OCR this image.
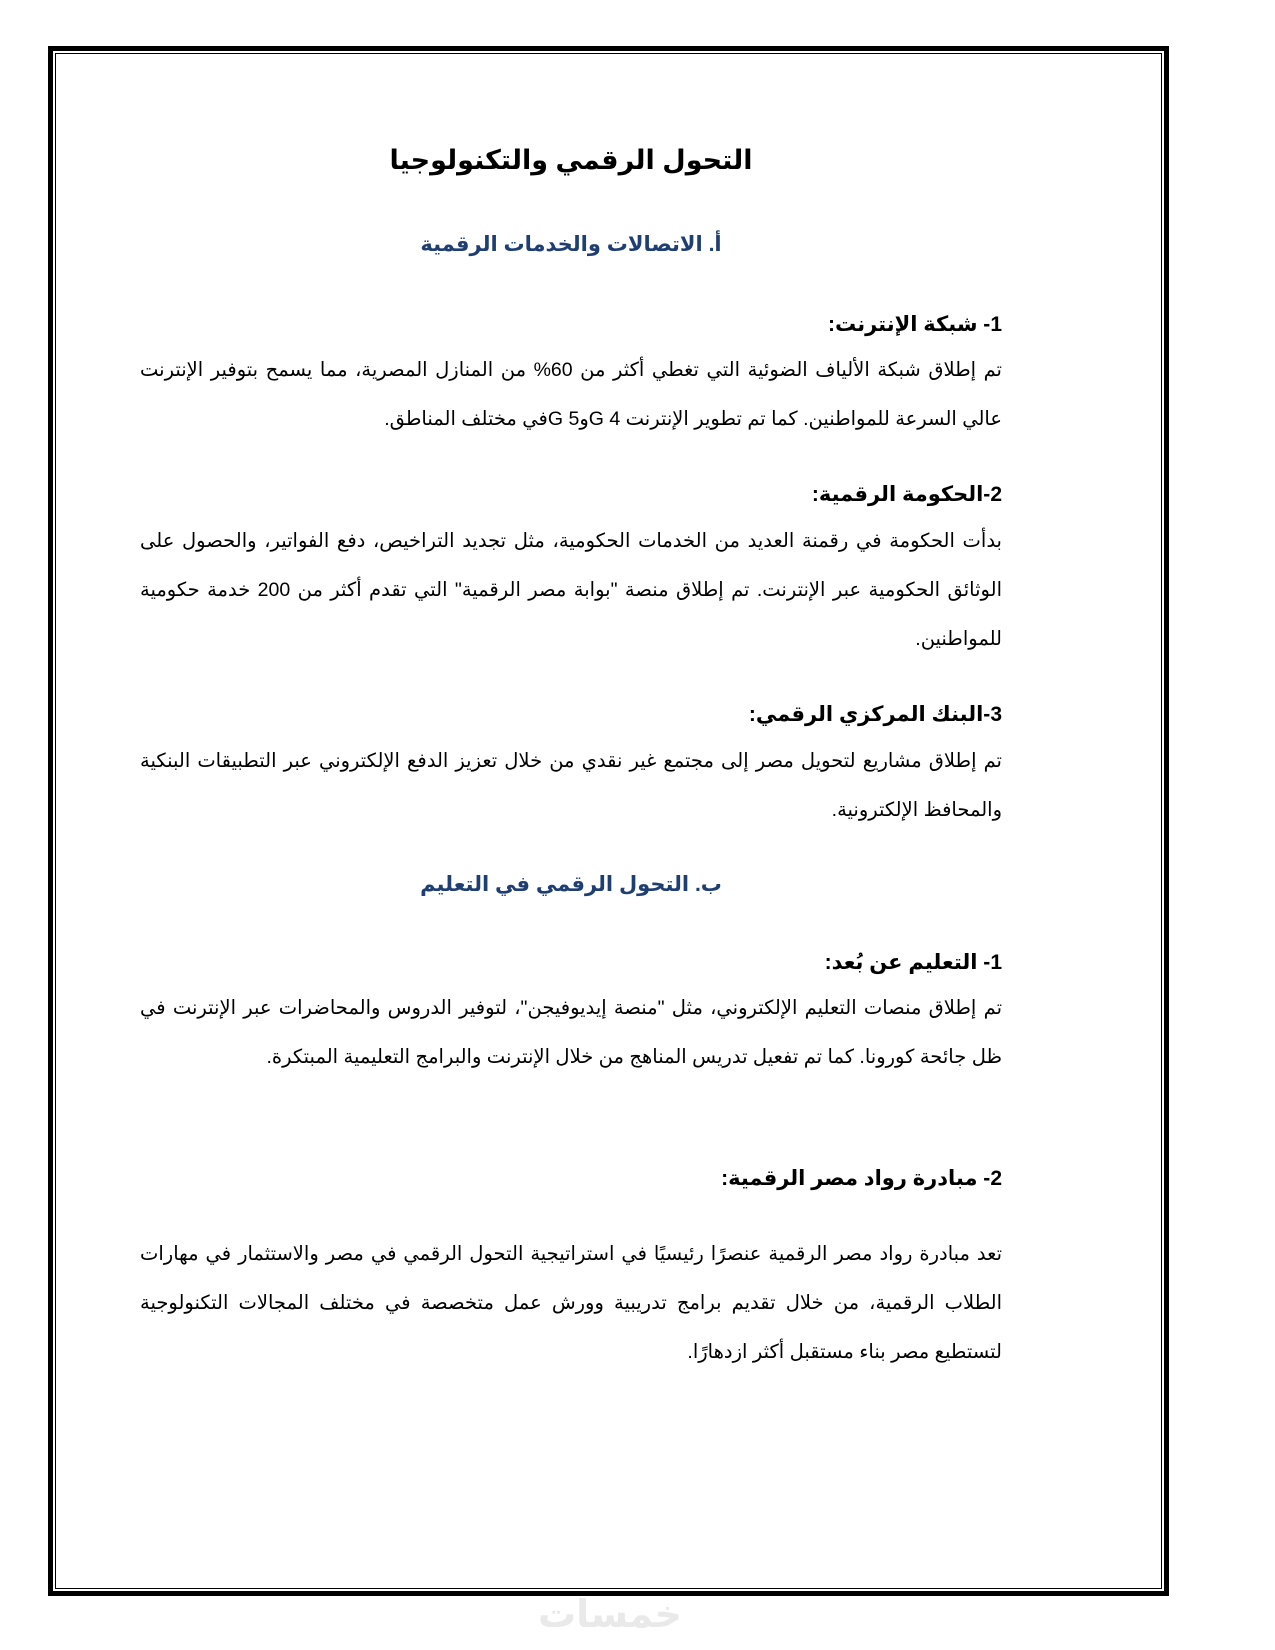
التحول الرقمي والتكنولوجيا
أ. الاتصالات والخدمات الرقمية
1- شبكة الإنترنت:

تم إطلاق شبكة الألياف الضوئية التي تغطي أكثر من 60% من المنازل المصرية، مما يسمح بتوفير الإنترنت عالي السرعة للمواطنين. كما تم تطوير الإنترنت 4 Gو5 Gفي مختلف المناطق.

2-الحكومة الرقمية:

بدأت الحكومة في رقمنة العديد من الخدمات الحكومية، مثل تجديد التراخيص، دفع الفواتير، والحصول على الوثائق الحكومية عبر الإنترنت. تم إطلاق منصة "بوابة مصر الرقمية" التي تقدم أكثر من 200 خدمة حكومية للمواطنين.

3-البنك المركزي الرقمي:

تم إطلاق مشاريع لتحويل مصر إلى مجتمع غير نقدي من خلال تعزيز الدفع الإلكتروني عبر التطبيقات البنكية والمحافظ الإلكترونية.

ب. التحول الرقمي في التعليم
1- التعليم عن بُعد:

تم إطلاق منصات التعليم الإلكتروني، مثل "منصة إيديوفيجن"، لتوفير الدروس والمحاضرات عبر الإنترنت في ظل جائحة كورونا. كما تم تفعيل تدريس المناهج من خلال الإنترنت والبرامج التعليمية المبتكرة.

2- مبادرة رواد مصر الرقمية:

تعد مبادرة رواد مصر الرقمية عنصرًا رئيسيًا في استراتيجية التحول الرقمي في مصر والاستثمار في مهارات الطلاب الرقمية، من خلال تقديم برامج تدريبية وورش عمل متخصصة في مختلف المجالات التكنولوجية لتستطيع مصر بناء مستقبل أكثر ازدهارًا.

خمسات
